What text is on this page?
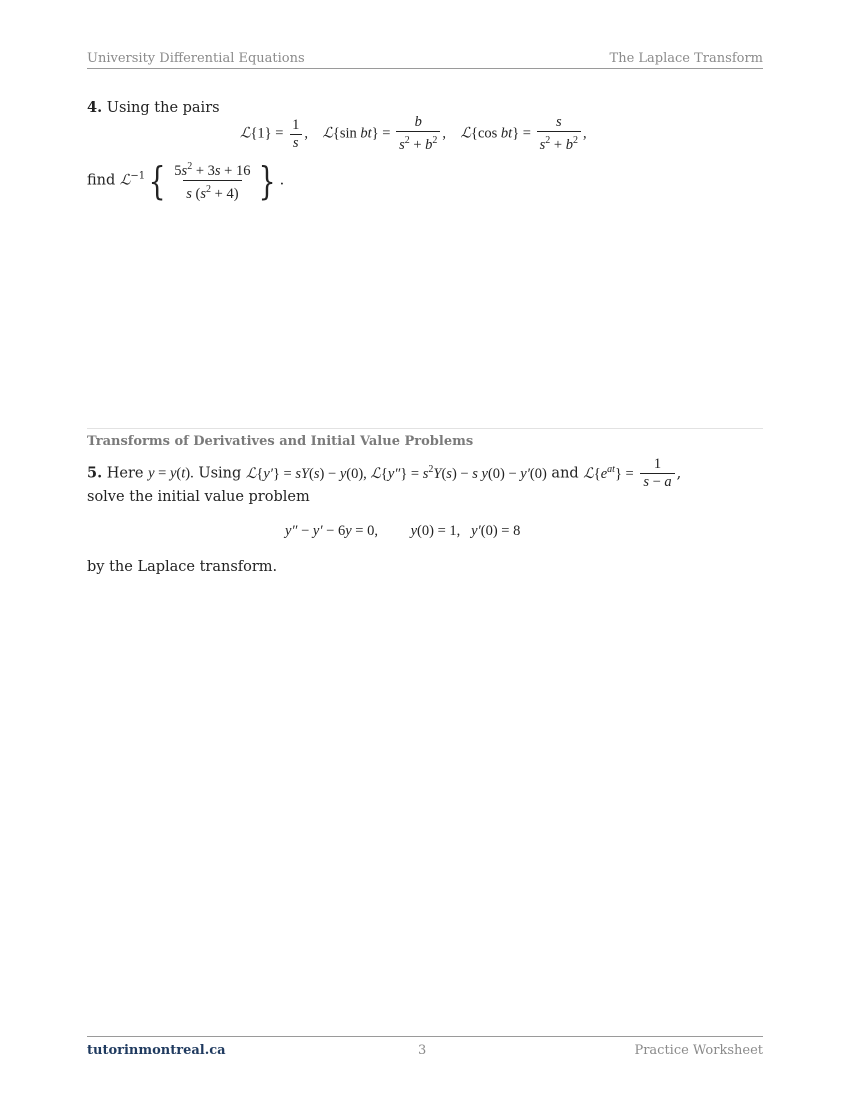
University Differential Equations	The Laplace Transform
4. Using the pairs
ℒ{1} = $\frac{1}{s}$ , ℒ{sin $bt\} = \frac{b}{s^2 + b^2}$ , ℒ{cos $bt\} = \frac{s}{s^2 + b^2}$ ,
find ℒ$^{-1}${ $\frac{5s^2 + 3s + 16}{s (s^2 + 4)}$ } .
Transforms of Derivatives and Initial Value Problems
5. Here y = y(t). Using ℒ{y′} = sY(s) − y(0), ℒ{y″} = $s^2Y(s) - s$ y(0) − y′(0) and $ℒ\{e^{at}\} = \frac{1}{s - a}$ ,
solve the initial value problem
y″ − y′ − 6y = 0,         y(0) = 1,   y′(0) = 8
by the Laplace transform.
tutorinmontreal.ca	3	Practice Worksheet
